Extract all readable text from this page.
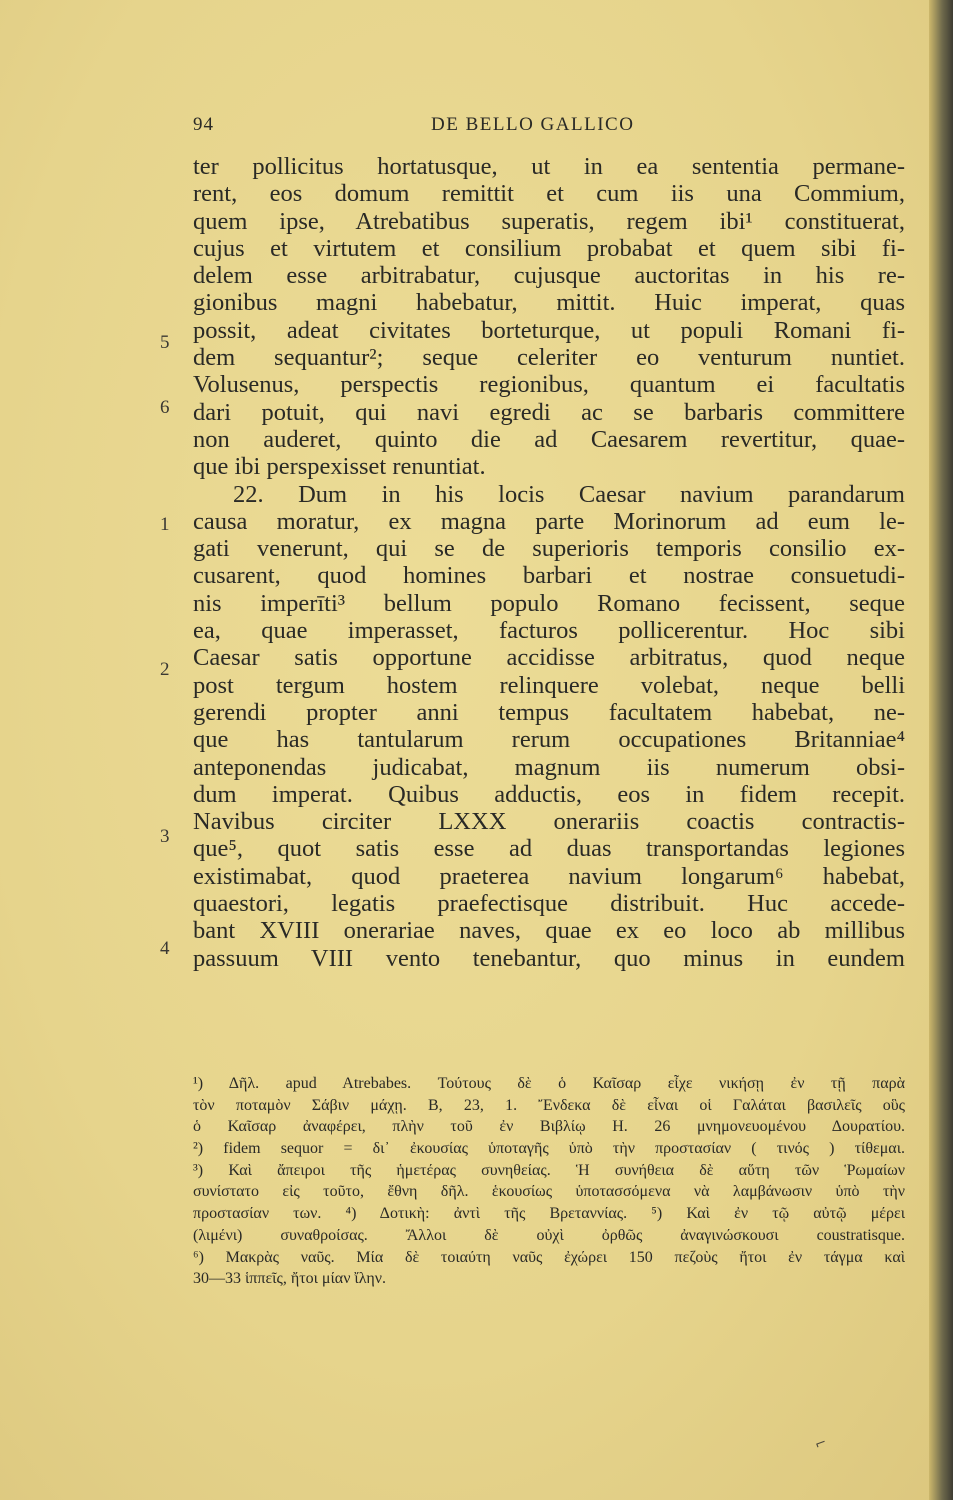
94	DE BELLO GALLICO
ter pollicitus hortatusque, ut in ea sententia permane-
rent, eos domum remittit et cum iis una Commium,
quem ipse, Atrebatibus superatis, regem ibi¹ constituerat,
cujus et virtutem et consilium probabat et quem sibi fi-
delem esse arbitrabatur, cujusque auctoritas in his re-
gionibus magni habebatur, mittit. Huic imperat, quas
possit, adeat civitates borteturque, ut populi Romani fi-
dem sequantur²; seque celeriter eo venturum nuntiet.
Volusenus, perspectis regionibus, quantum ei facultatis
dari potuit, qui navi egredi ac se barbaris committere
non auderet, quinto die ad Caesarem revertitur, quae-
que ibi perspexisset renuntiat.
22. Dum in his locis Caesar navium parandarum
causa moratur, ex magna parte Morinorum ad eum le-
gati venerunt, qui se de superioris temporis consilio ex-
cusarent, quod homines barbari et nostrae consuetudi-
nis imperīti³ bellum populo Romano fecissent, seque
ea, quae imperasset, facturos pollicerentur. Hoc sibi
Caesar satis opportune accidisse arbitratus, quod neque
post tergum hostem relinquere volebat, neque belli
gerendi propter anni tempus facultatem habebat, ne-
que has tantularum rerum occupationes Britanniae⁴
anteponendas judicabat, magnum iis numerum obsi-
dum imperat. Quibus adductis, eos in fidem recepit.
Navibus circiter LXXX onerariis coactis contractis-
que⁵, quot satis esse ad duas transportandas legiones
existimabat, quod praeterea navium longarum⁶ habebat,
quaestori, legatis praefectisque distribuit. Huc accede-
bant XVIII onerariae naves, quae ex eo loco ab millibus
passuum VIII vento tenebantur, quo minus in eundem
5
6
1
2
3
4
¹) Δῆλ. apud Atrebabes. Τούτους δὲ ὁ Καῖσαρ εἶχε νικήσῃ ἐν τῇ παρὰ
τὸν ποταμὸν Σάβιν μάχῃ. B, 23, 1. Ἔνδεκα δὲ εἶναι οἱ Γαλάται βασιλεῖς οὓς
ὁ Καῖσαρ ἀναφέρει, πλὴν τοῦ ἐν Βιβλίῳ Η. 26 μνημονευομένου Δουρατίου.
²) fidem sequor = δι᾽ ἐκουσίας ὑποταγῆς ὑπὸ τὴν προστασίαν ( τινός ) τίθεμαι.
³) Καὶ ἄπειροι τῆς ἡμετέρας συνηθείας. Ἡ συνήθεια δὲ αὕτη τῶν Ῥωμαίων
συνίστατο εἰς τοῦτο, ἔθνη δῆλ. ἑκουσίως ὑποτασσόμενα νὰ λαμβάνωσιν ὑπὸ τὴν
προστασίαν των. ⁴) Δοτικὴ: ἀντὶ τῆς Βρεταννίας. ⁵) Καὶ ἐν τῷ αὐτῷ μέρει
(λιμένι) συναθροίσας. Ἄλλοι δὲ οὐχὶ ὀρθῶς ἀναγινώσκουσι coustratisque.
⁶) Μακρὰς ναῦς. Μία δὲ τοιαύτη ναῦς ἐχώρει 150 πεζοὺς ἤτοι ἐν τάγμα καὶ
30—33 ἱππεῖς, ἤτοι μίαν ἴλην.
⌐
